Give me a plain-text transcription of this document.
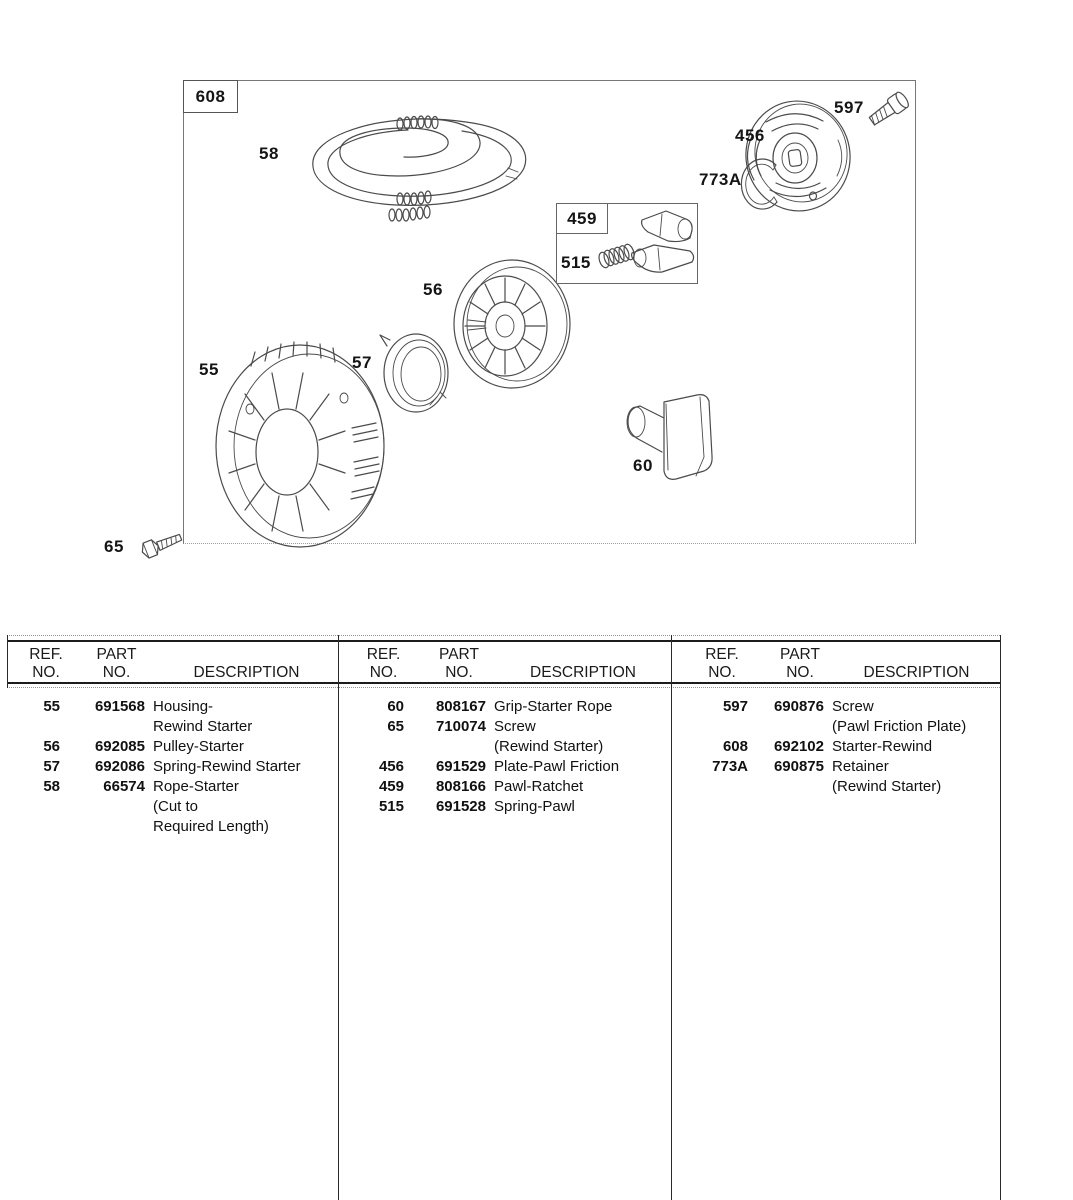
608
459
58
597
456
773A
515
56
57
55
60
65
REF.
NO.
PART
NO.	DESCRIPTION
55	691568 Housing-
Rewind Starter
56	692085 Pulley-Starter
57	692086 Spring-Rewind Starter
58	66574 Rope-Starter
(Cut to
Required Length)
REF.
NO.
PART
NO.	DESCRIPTION
60	808167 Grip-Starter Rope
65	710074 Screw
(Rewind Starter)
456	691529 Plate-Pawl Friction
459	808166 Pawl-Ratchet
515	691528 Spring-Pawl
REF.
NO.
PART
NO.	DESCRIPTION
597	690876 Screw
(Pawl Friction Plate)
608	692102 Starter-Rewind
773A	690875 Retainer
(Rewind Starter)
